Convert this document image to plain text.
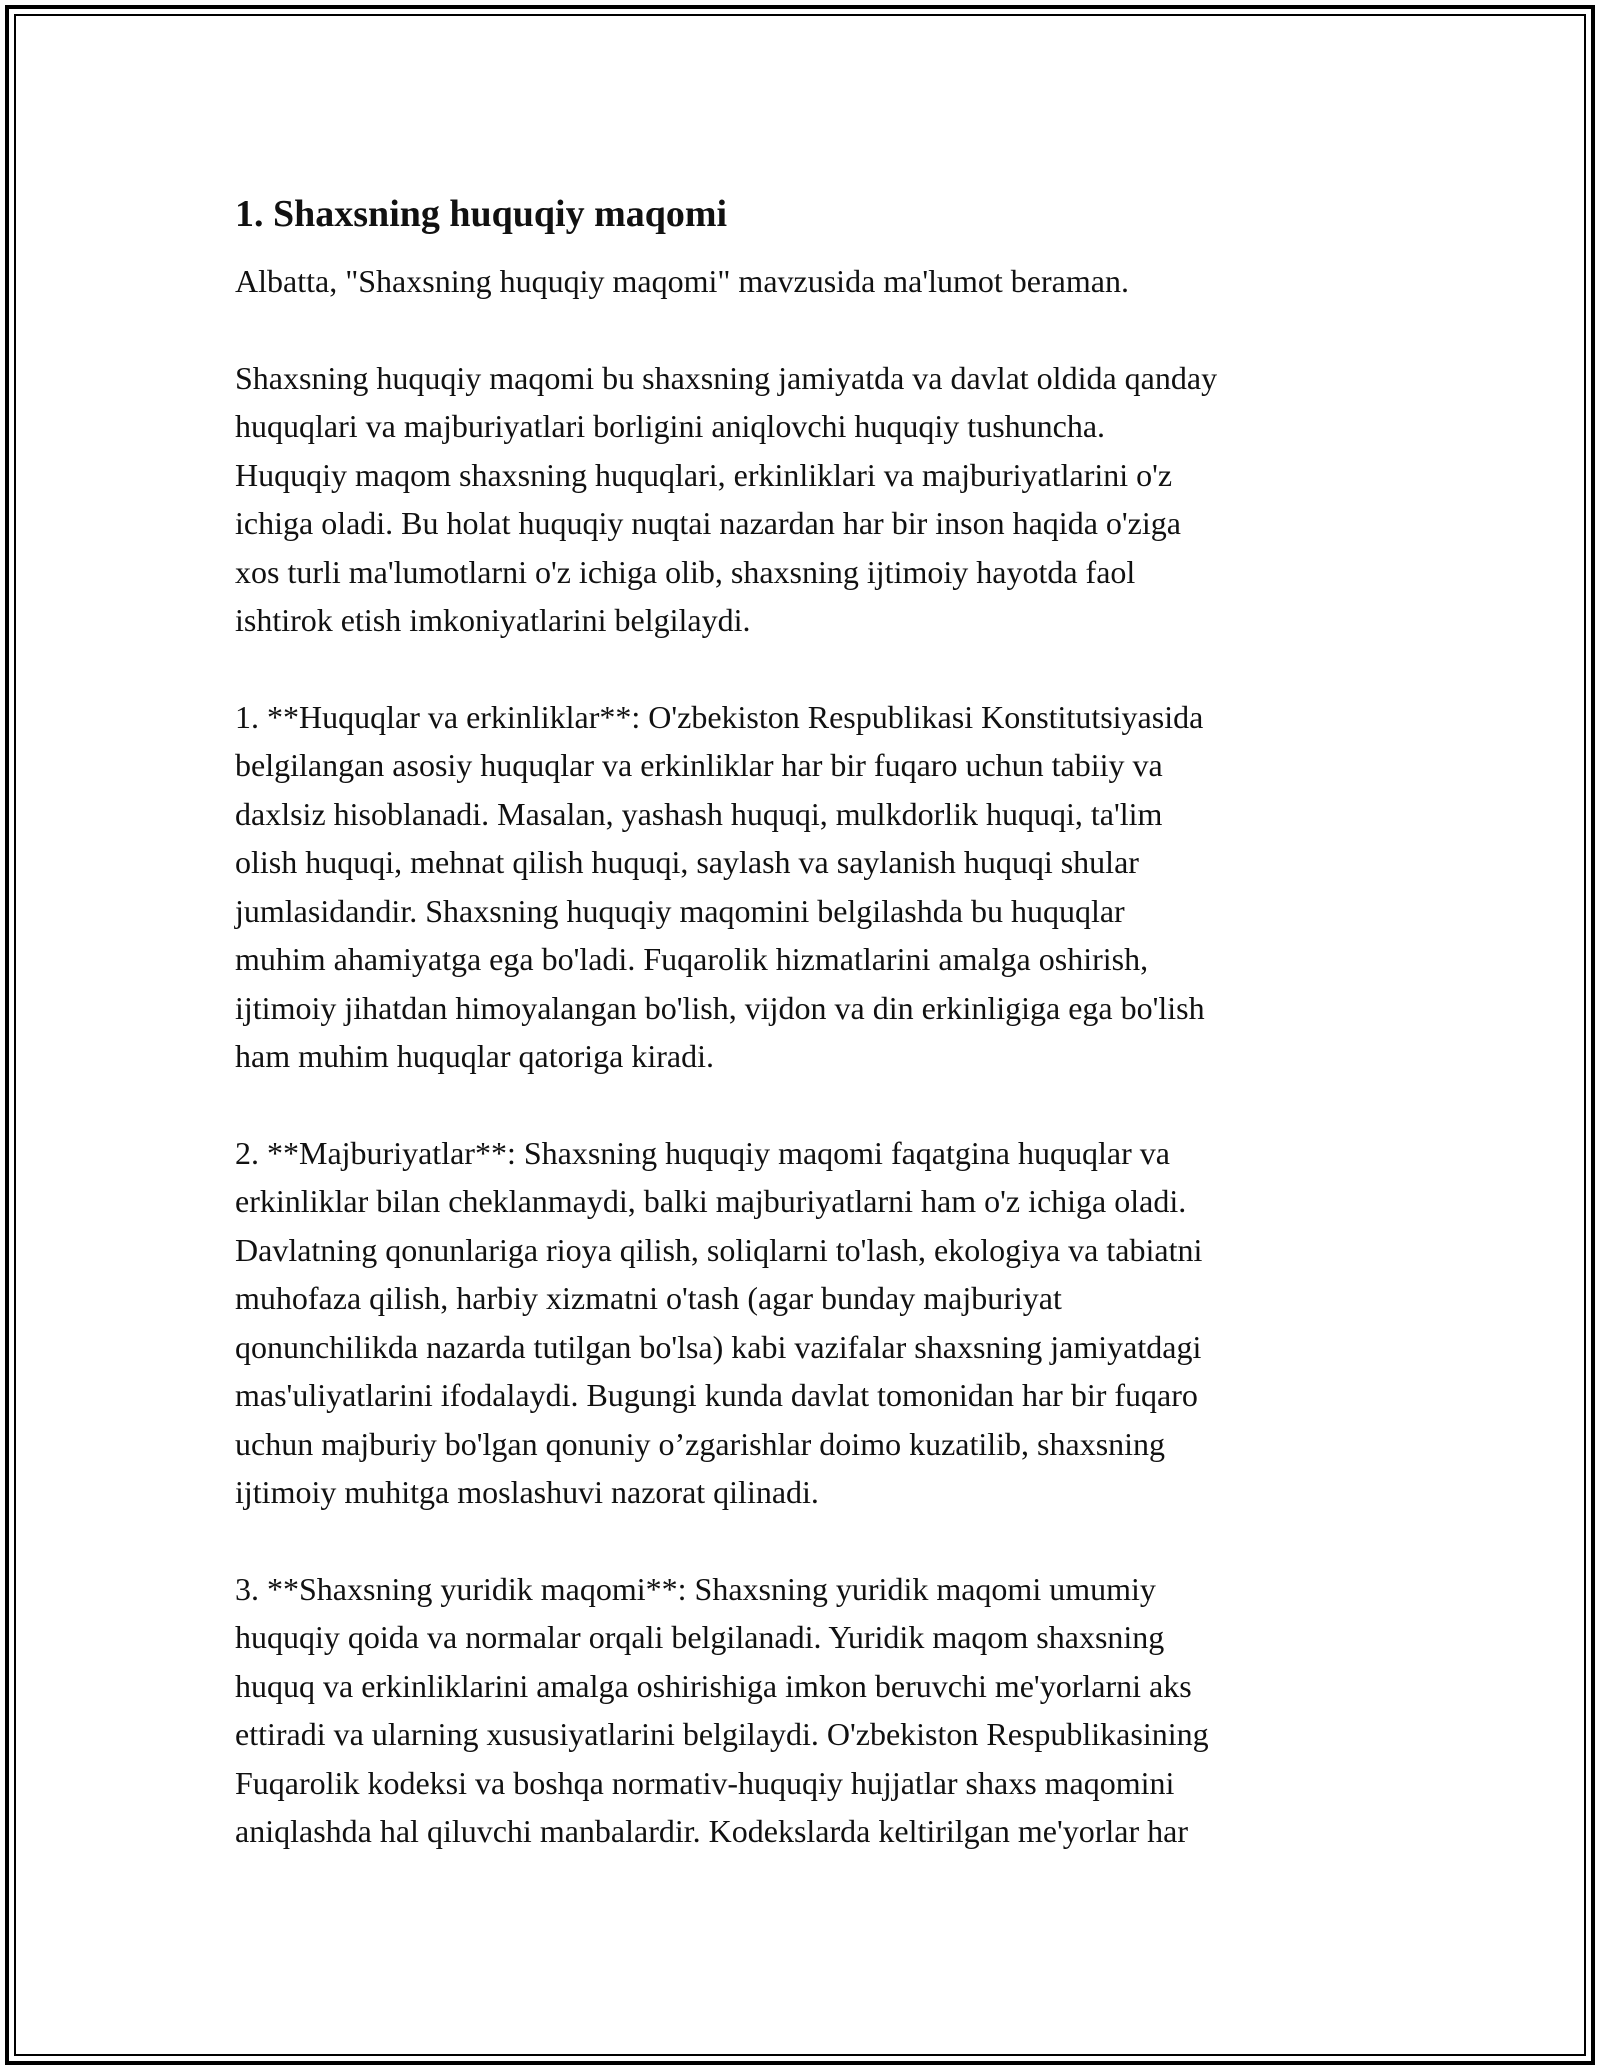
1. Shaxsning huquqiy maqomi

Albatta, "Shaxsning huquqiy maqomi" mavzusida ma'lumot beraman.

Shaxsning huquqiy maqomi bu shaxsning jamiyatda va davlat oldida qanday
huquqlari va majburiyatlari borligini aniqlovchi huquqiy tushuncha.
Huquqiy maqom shaxsning huquqlari, erkinliklari va majburiyatlarini o'z
ichiga oladi. Bu holat huquqiy nuqtai nazardan har bir inson haqida o'ziga
xos turli ma'lumotlarni o'z ichiga olib, shaxsning ijtimoiy hayotda faol
ishtirok etish imkoniyatlarini belgilaydi.

1. **Huquqlar va erkinliklar**: O'zbekiston Respublikasi Konstitutsiyasida
belgilangan asosiy huquqlar va erkinliklar har bir fuqaro uchun tabiiy va
daxlsiz hisoblanadi. Masalan, yashash huquqi, mulkdorlik huquqi, ta'lim
olish huquqi, mehnat qilish huquqi, saylash va saylanish huquqi shular
jumlasidandir. Shaxsning huquqiy maqomini belgilashda bu huquqlar
muhim ahamiyatga ega bo'ladi. Fuqarolik hizmatlarini amalga oshirish,
ijtimoiy jihatdan himoyalangan bo'lish, vijdon va din erkinligiga ega bo'lish
ham muhim huquqlar qatoriga kiradi.

2. **Majburiyatlar**: Shaxsning huquqiy maqomi faqatgina huquqlar va
erkinliklar bilan cheklanmaydi, balki majburiyatlarni ham o'z ichiga oladi.
Davlatning qonunlariga rioya qilish, soliqlarni to'lash, ekologiya va tabiatni
muhofaza qilish, harbiy xizmatni o'tash (agar bunday majburiyat
qonunchilikda nazarda tutilgan bo'lsa) kabi vazifalar shaxsning jamiyatdagi
mas'uliyatlarini ifodalaydi. Bugungi kunda davlat tomonidan har bir fuqaro
uchun majburiy bo'lgan qonuniy o’zgarishlar doimo kuzatilib, shaxsning
ijtimoiy muhitga moslashuvi nazorat qilinadi.

3. **Shaxsning yuridik maqomi**: Shaxsning yuridik maqomi umumiy
huquqiy qoida va normalar orqali belgilanadi. Yuridik maqom shaxsning
huquq va erkinliklarini amalga oshirishiga imkon beruvchi me'yorlarni aks
ettiradi va ularning xususiyatlarini belgilaydi. O'zbekiston Respublikasining
Fuqarolik kodeksi va boshqa normativ-huquqiy hujjatlar shaxs maqomini
aniqlashda hal qiluvchi manbalardir. Kodekslarda keltirilgan me'yorlar har
